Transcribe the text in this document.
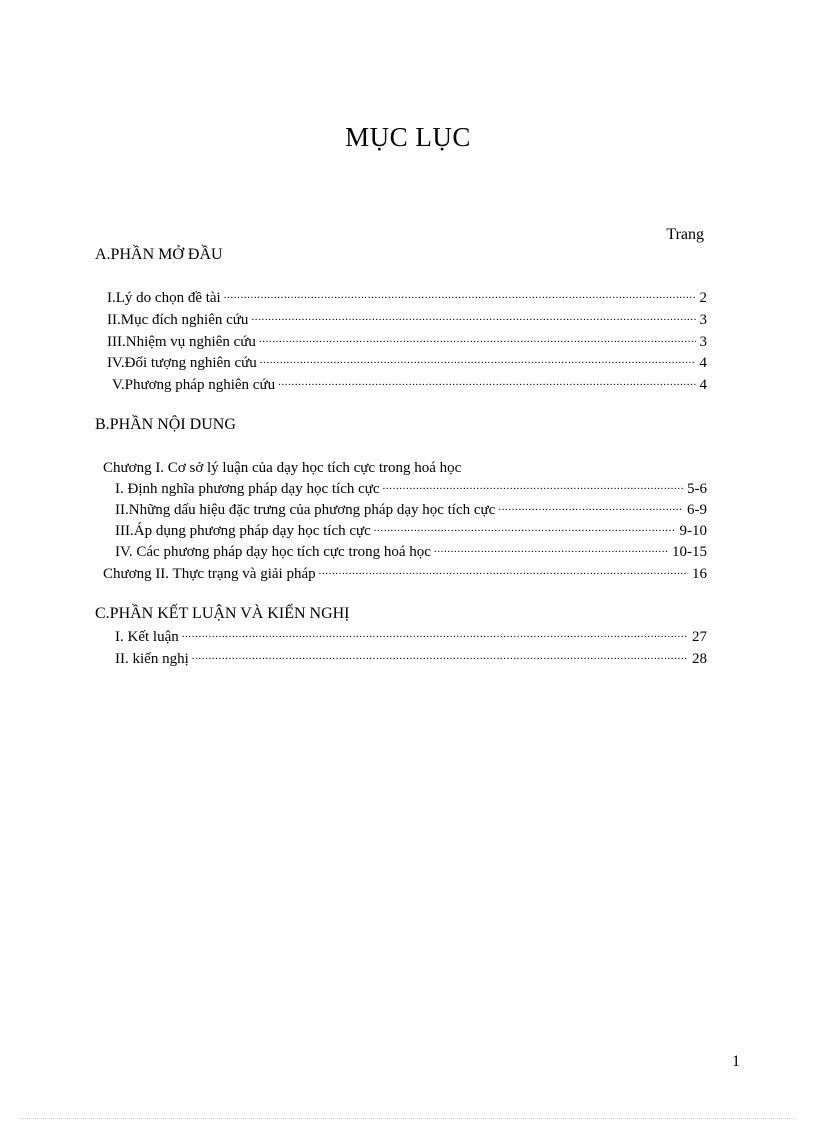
MỤC LỤC
Trang
A.PHẦN MỞ ĐẦU
I.Lý do chọn đề tài .....	2
II.Mục đích nghiên cứu .....	3
III.Nhiệm vụ nghiên cứu .....	3
IV.Đối tượng nghiên cứu .....	4
V.Phương pháp nghiên cứu .....	4
B.PHẦN NỘI DUNG
Chương I. Cơ sở lý luận của dạy học tích cực trong hoá học
I. Định nghĩa phương pháp dạy học tích cực .....	5-6
II.Những dấu hiệu đặc trưng của phương pháp dạy học tích cực .....	6-9
III.Áp dụng phương pháp dạy học tích cực .....	9-10
IV. Các phương pháp dạy học tích cực trong hoá học .....	10-15
Chương II. Thực trạng và giải pháp .....	16
C.PHẦN KẾT LUẬN VÀ KIẾN NGHỊ
I. Kết luận .....	27
II. kiến nghị .....	28
1
